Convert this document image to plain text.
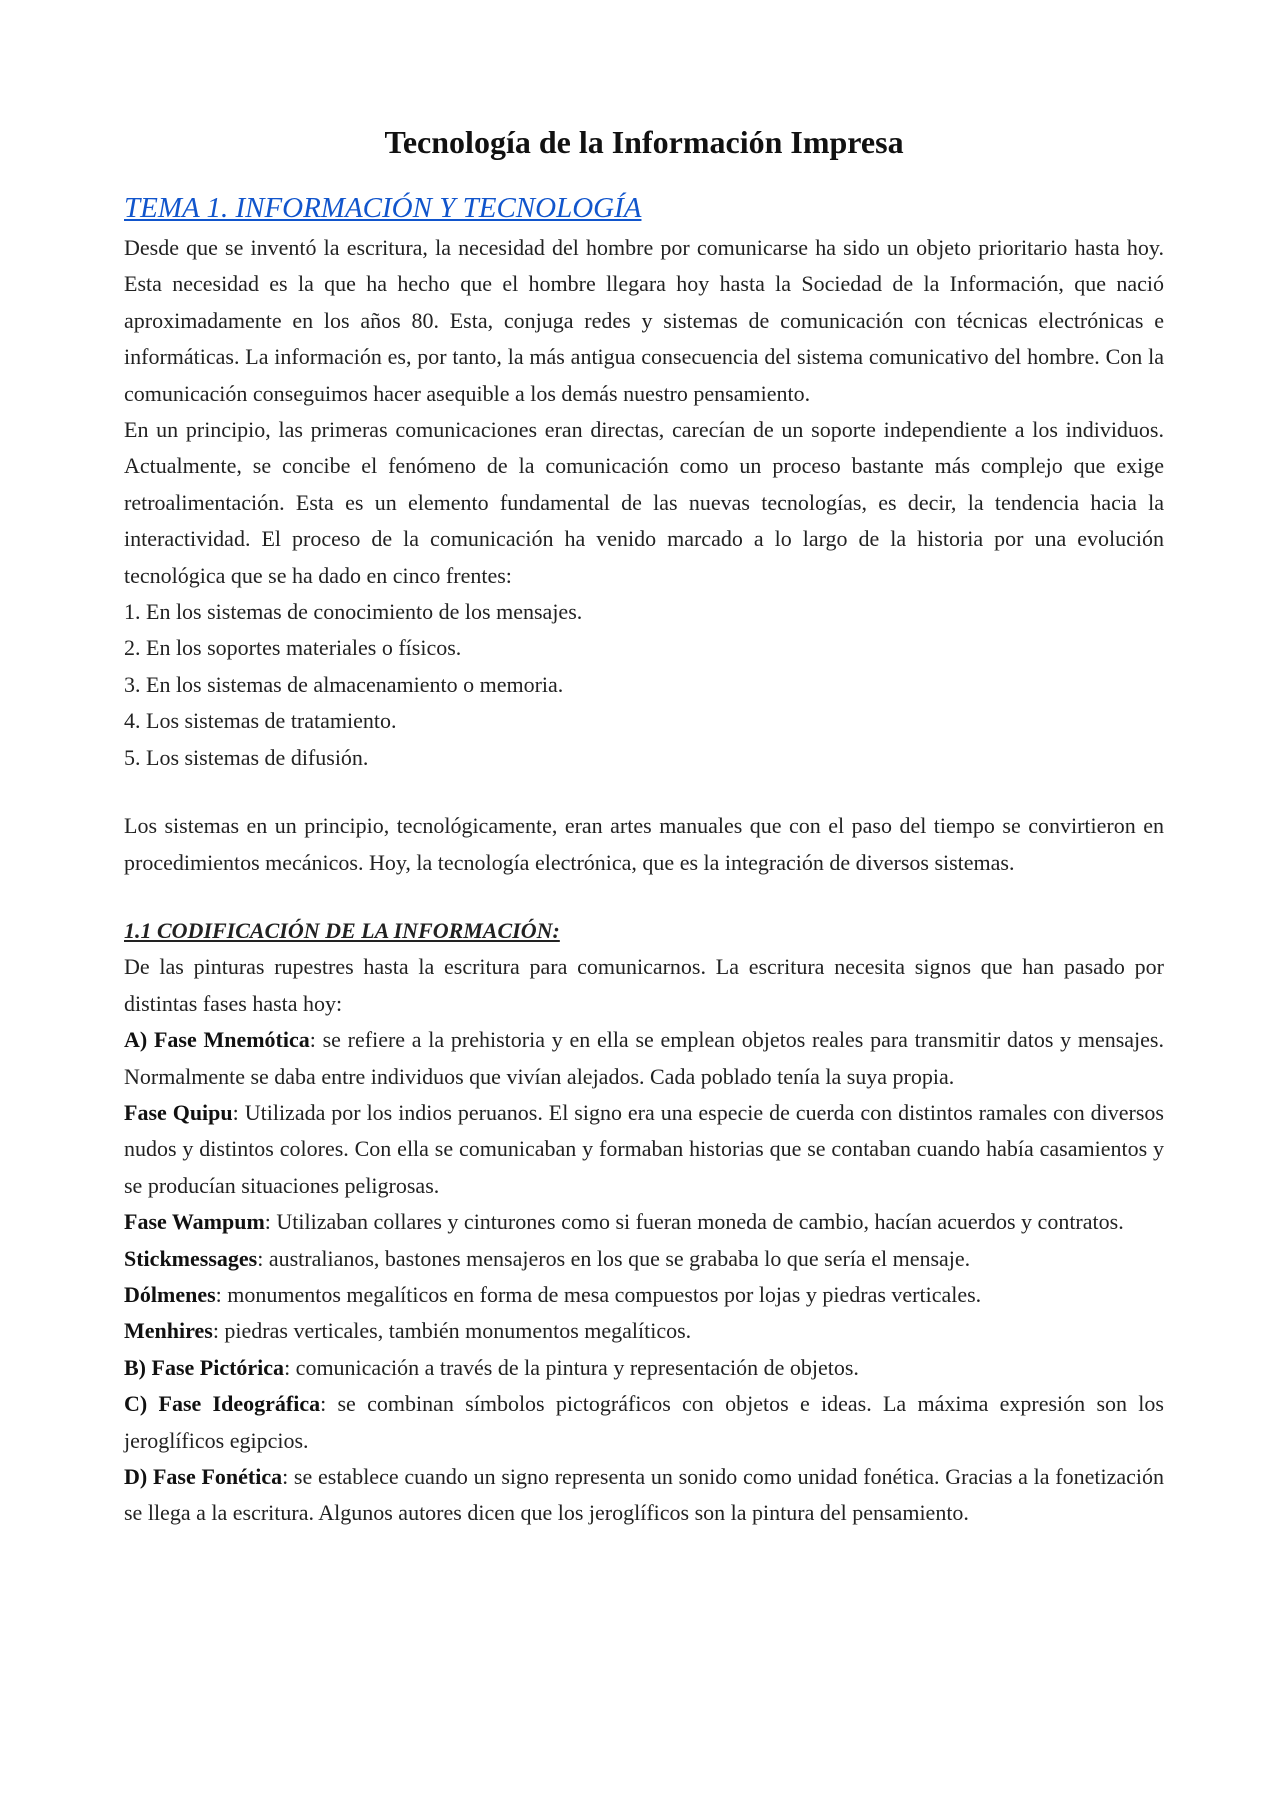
Tecnología de la Información Impresa
TEMA 1. INFORMACIÓN Y TECNOLOGÍA

Desde que se inventó la escritura, la necesidad del hombre por comunicarse ha sido un objeto prioritario hasta hoy. Esta necesidad es la que ha hecho que el hombre llegara hoy hasta la Sociedad de la Información, que nació aproximadamente en los años 80. Esta, conjuga redes y sistemas de comunicación con técnicas electrónicas e informáticas. La información es, por tanto, la más antigua consecuencia del sistema comunicativo del hombre. Con la comunicación conseguimos hacer asequible a los demás nuestro pensamiento.

En un principio, las primeras comunicaciones eran directas, carecían de un soporte independiente a los individuos. Actualmente, se concibe el fenómeno de la comunicación como un proceso bastante más complejo que exige retroalimentación. Esta es un elemento fundamental de las nuevas tecnologías, es decir, la tendencia hacia la interactividad. El proceso de la comunicación ha venido marcado a lo largo de la historia por una evolución tecnológica que se ha dado en cinco frentes:

1. En los sistemas de conocimiento de los mensajes.
2. En los soportes materiales o físicos.
3. En los sistemas de almacenamiento o memoria.
4. Los sistemas de tratamiento.
5. Los sistemas de difusión.

Los sistemas en un principio, tecnológicamente, eran artes manuales que con el paso del tiempo se convirtieron en procedimientos mecánicos. Hoy, la tecnología electrónica, que es la integración de diversos sistemas.

1.1 CODIFICACIÓN DE LA INFORMACIÓN:

De las pinturas rupestres hasta la escritura para comunicarnos. La escritura necesita signos que han pasado por distintas fases hasta hoy:

A) Fase Mnemótica: se refiere a la prehistoria y en ella se emplean objetos reales para transmitir datos y mensajes. Normalmente se daba entre individuos que vivían alejados. Cada poblado tenía la suya propia.

Fase Quipu: Utilizada por los indios peruanos. El signo era una especie de cuerda con distintos ramales con diversos nudos y distintos colores. Con ella se comunicaban y formaban historias que se contaban cuando había casamientos y se producían situaciones peligrosas.

Fase Wampum: Utilizaban collares y cinturones como si fueran moneda de cambio, hacían acuerdos y contratos.

Stickmessages: australianos, bastones mensajeros en los que se grababa lo que sería el mensaje.

Dólmenes: monumentos megalíticos en forma de mesa compuestos por lojas y piedras verticales.

Menhires: piedras verticales, también monumentos megalíticos.

B) Fase Pictórica: comunicación a través de la pintura y representación de objetos.

C) Fase Ideográfica: se combinan símbolos pictográficos con objetos e ideas. La máxima expresión son los jeroglíficos egipcios.

D) Fase Fonética: se establece cuando un signo representa un sonido como unidad fonética. Gracias a la fonetización se llega a la escritura. Algunos autores dicen que los jeroglíficos son la pintura del pensamiento.
